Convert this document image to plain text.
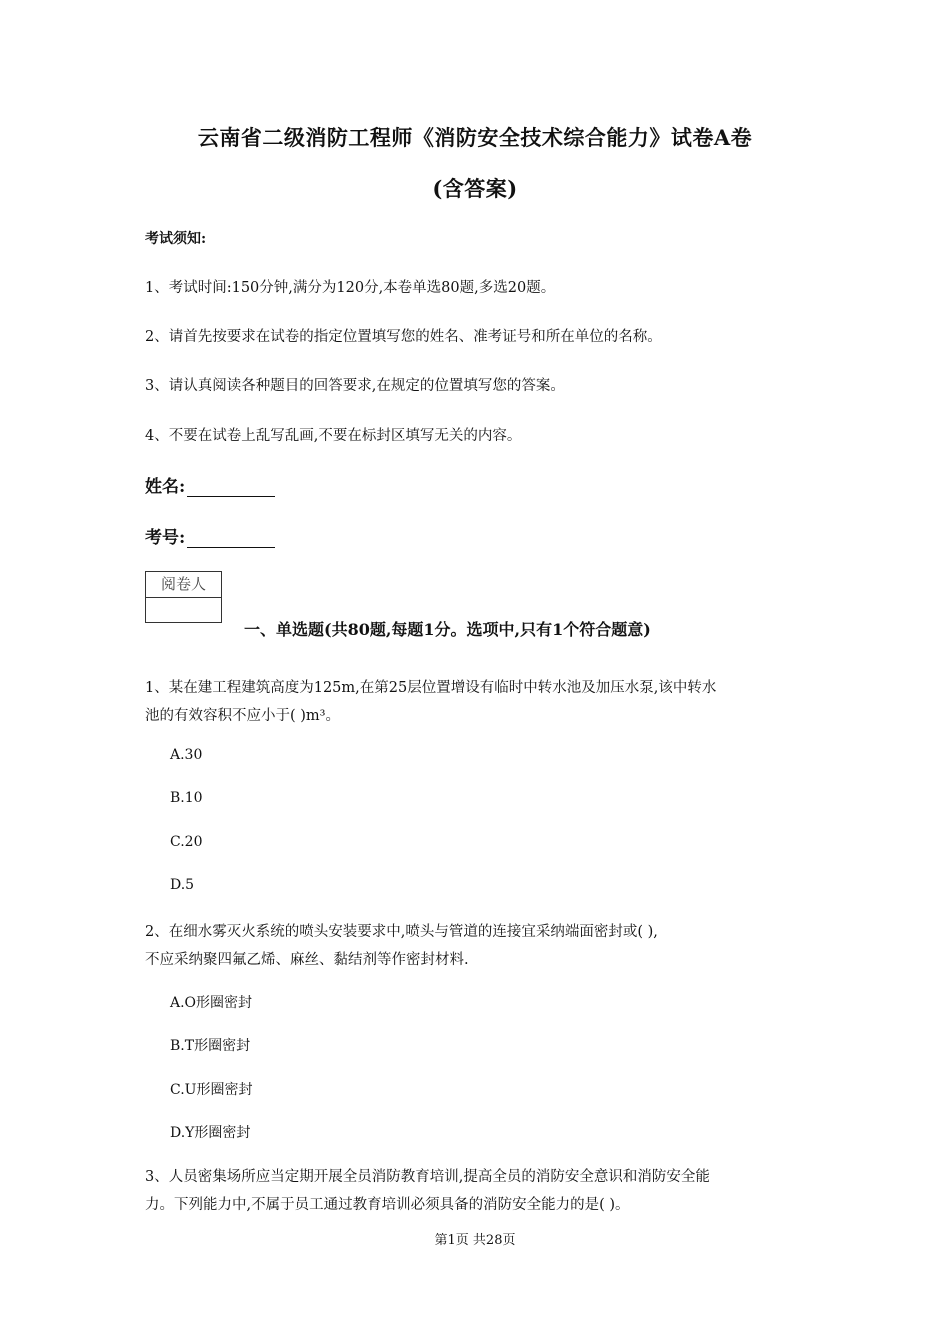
云南省二级消防工程师《消防安全技术综合能力》试卷A卷
(含答案)
考试须知:
1、考试时间:150分钟,满分为120分,本卷单选80题,多选20题。
2、请首先按要求在试卷的指定位置填写您的姓名、准考证号和所在单位的名称。
3、请认真阅读各种题目的回答要求,在规定的位置填写您的答案。
4、不要在试卷上乱写乱画,不要在标封区填写无关的内容。
姓名:
考号:
阅卷人
一、单选题(共80题,每题1分。选项中,只有1个符合题意)
1、某在建工程建筑高度为125m,在第25层位置增设有临时中转水池及加压水泵,该中转水
池的有效容积不应小于( )m³。
A.30
B.10
C.20
D.5
2、在细水雾灭火系统的喷头安装要求中,喷头与管道的连接宜采纳端面密封或( ),
不应采纳聚四氟乙烯、麻丝、黏结剂等作密封材料.
A.O形圈密封
B.T形圈密封
C.U形圈密封
D.Y形圈密封
3、人员密集场所应当定期开展全员消防教育培训,提高全员的消防安全意识和消防安全能
力。下列能力中,不属于员工通过教育培训必须具备的消防安全能力的是( )。
第1页 共28页
